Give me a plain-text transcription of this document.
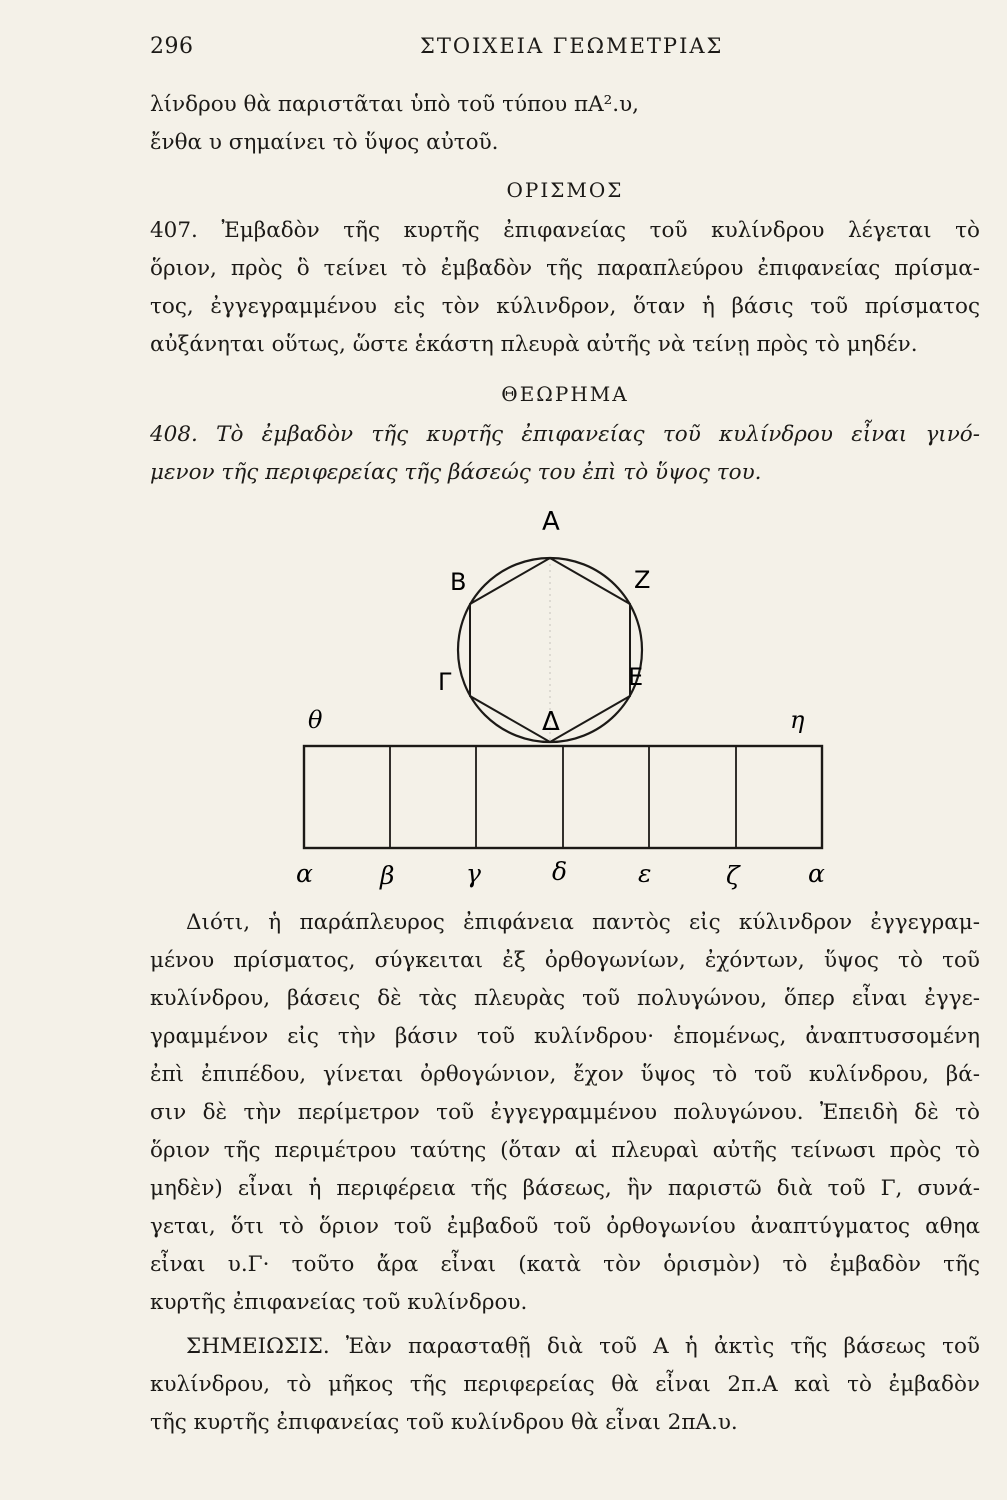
296	ΣΤΟΙΧΕΙΑ ΓΕΩΜΕΤΡΙΑΣ
λίνδρου θὰ παριστᾶται ὑπὸ τοῦ τύπου πΑ².υ,
ἔνθα υ σημαίνει τὸ ὕψος αὐτοῦ.
ΟΡΙΣΜΟΣ
407. Ἐμβαδὸν τῆς κυρτῆς ἐπιφανείας τοῦ κυλίνδρου λέγεται τὸ
ὅριον, πρὸς ὃ τείνει τὸ ἐμβαδὸν τῆς παραπλεύρου ἐπιφανείας πρίσμα-
τος, ἐγγεγραμμένου εἰς τὸν κύλινδρον, ὅταν ἡ βάσις τοῦ πρίσματος
αὐξάνηται οὕτως, ὥστε ἑκάστη πλευρὰ αὐτῆς νὰ τείνῃ πρὸς τὸ μηδέν.
ΘΕΩΡΗΜΑ
408. Τὸ ἐμβαδὸν τῆς κυρτῆς ἐπιφανείας τοῦ κυλίνδρου εἶναι γινό-
μενον τῆς περιφερείας τῆς βάσεώς του ἐπὶ τὸ ὕψος του.
Α
Β
Γ
Δ
Ε
Ζ
θ	η
α	β	γ	δ	ε	ζ	α
Διότι, ἡ παράπλευρος ἐπιφάνεια παντὸς εἰς κύλινδρον ἐγγεγραμ-
μένου πρίσματος, σύγκειται ἐξ ὀρθογωνίων, ἐχόντων, ὕψος τὸ τοῦ
κυλίνδρου, βάσεις δὲ τὰς πλευρὰς τοῦ πολυγώνου, ὅπερ εἶναι ἐγγε-
γραμμένον εἰς τὴν βάσιν τοῦ κυλίνδρου· ἑπομένως, ἀναπτυσσομένη
ἐπὶ ἐπιπέδου, γίνεται ὀρθογώνιον, ἔχον ὕψος τὸ τοῦ κυλίνδρου, βά-
σιν δὲ τὴν περίμετρον τοῦ ἐγγεγραμμένου πολυγώνου. Ἐπειδὴ δὲ τὸ
ὅριον τῆς περιμέτρου ταύτης (ὅταν αἱ πλευραὶ αὐτῆς τείνωσι πρὸς τὸ
μηδὲν) εἶναι ἡ περιφέρεια τῆς βάσεως, ἣν παριστῶ διὰ τοῦ Γ, συνά-
γεται, ὅτι τὸ ὅριον τοῦ ἐμβαδοῦ τοῦ ὀρθογωνίου ἀναπτύγματος αθηα
εἶναι υ.Γ· τοῦτο ἄρα εἶναι (κατὰ τὸν ὁρισμὸν) τὸ ἐμβαδὸν τῆς
κυρτῆς ἐπιφανείας τοῦ κυλίνδρου.
ΣΗΜΕΙΩΣΙΣ. Ἐὰν παρασταθῇ διὰ τοῦ Α ἡ ἀκτὶς τῆς βάσεως τοῦ
κυλίνδρου, τὸ μῆκος τῆς περιφερείας θὰ εἶναι 2π.Α καὶ τὸ ἐμβαδὸν
τῆς κυρτῆς ἐπιφανείας τοῦ κυλίνδρου θὰ εἶναι 2πΑ.υ.
